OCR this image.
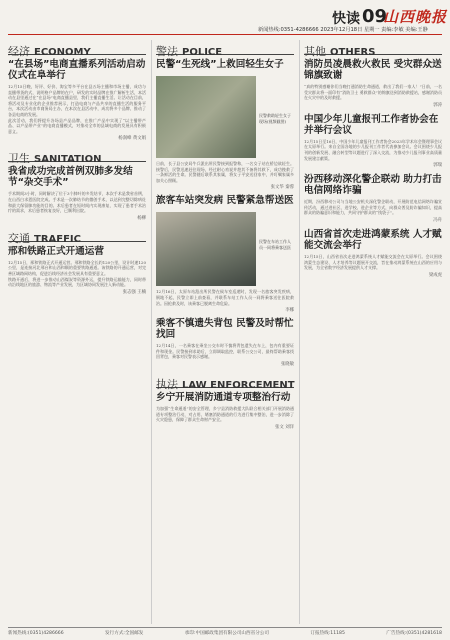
快读 09
山西晚报
新闻热线:0351-4286666 2023年12月18日 星期一 责编:李敏 美编:王静
经济 ECONOMY
“在县场”电商直播系列活动启动仪式在阜举行
12月15日晚，好评、好价、淘宝等多平台在县五场主播和市场主播，成功与直播带货的式，说明格户品牌的在户，研发的实时品牌在推广解析生活，本活动在县里通过在“在县场”电商直播县里，我们主播直播生活。让活动在目前，将活动及专业化的企业推荐展示，打造电商与产品共享的直播生活的服务平台，本次活动由市商务局主办，在本次在县活动中，成功将多个品牌、推动了各县电商的发展。
此次活动，我们将提升各场县产品品牌，在推广产品中实现了“以主播带产品、以产品带产业”的电商直播模式，对推动全市的县域电商的发展具有积极意义。
杨润峰 黄文娟
卫生 SANITATION
我省成功完成首例双肺多发结节“杂交手术”
手术期间3小时，同时解决了位于3个肺叶的多发结节，本次手术是我省首例，在山西白求恩医院完成。手术是一次肺结节的微创手术，以达到完整切除病灶和最大保留肺功能的目的。术后患者在短时间内实现康复，实现了患者手术治疗的需求，术后患者恢复良好，已顺利出院。
杨柳
交通 TRAFFIC
邢和铁路正式开通运营
12月15日，邢和铁路正式开通运营。邢和铁路全长约120公里，设计时速120公里，是连接河北邢台和山西和顺的重要铁路通道。该铁路的开通运营，对完善区域路网结构，促进沿线经济社会发展具有重要意义。
铁路开通后，将进一步推动山西煤炭等资源外运，提升铁路运输能力，同时带动沿线地区的旅游、物流等产业发展，为区域协同发展注入新动能。
张志强 王楠
警法 POLICE
民警“生死线”上救回轻生女子
民警救助轻生女子现场(视频截图)
日前，长子县公安局牛兵派出所民警接到报警称，一名女子站在桥边欲轻生。接警后，民警迅速赶往现场，经过耐心劝说并趁其不备将其救下，成功挽救了一条鲜活的生命。民警随后联系其家属，将女子平安送回家中，并叮嘱家属多加关心照顾。
张文华 秦蓉
旅客车站突发病 民警紧急帮送医
民警在车站工作人员一同将乘客送医
12月16日，太原车站派出所民警在候车室巡逻时，发现一名旅客突发疾病，倒地不起，民警立即上前查看，并联系车站工作人员一同将乘客送往医院救治。因抢救及时，该乘客已脱离生命危险。
李娜
乘客不慎遗失背包 民警及时帮忙找回
12月14日，一名乘客在乘坐公交车时不慎将背包遗失在车上，包内有重要证件和现金。民警接到求助后，立即调取监控，联系公交公司，最终帮助乘客找回背包，乘客对民警表示感谢。
张晓敏
执法 LAW ENFORCEMENT
乡宁开展消防通道专项整治行动
为加强“生命通道”的安全管理，乡宁县消防救援大队联合相关部门开展消防通道专项整治行动，对占用、堵塞消防通道的行为进行集中整治，进一步消除了火灾隐患，保障了群众生命财产安全。
张文 刘洋
其他 OTHERS
消防员凌晨救火救民 受灾群众送锦旗致谢
“真的特别感谢你们当晚打通消防生命通道，救出了我们一家人！”日前，一名受灾群众将一面印有“消防卫士 勇救群众”的锦旗送到消防救援站，感谢消防员在火灾中的及时救援。
郭涛
中国少年儿童报刊工作者协会在并举行会议
12月15日至16日，中国少年儿童报刊工作者协会2023年学术年会暨理事会议在太原举行。来自全国各地的少儿报刊工作者代表参加会议。会议围绕少儿报刊的创新发展、融合转型等议题进行了深入交流，为推动少儿报刊事业高质量发展建言献策。
郭瑞
汾西移动深化警企联动 助力打击电信网络诈骗
近期，汾西移动公司与当地公安机关深化警企联动，开展防范电信网络诈骗宣传活动，通过进社区、进学校、进企业等方式，向群众普及防诈骗知识，提高群众的防骗意识和能力，共同守护群众的“钱袋子”。
冯舟
山西省首次走进鸿蒙系统 人才赋能交流会举行
12月15日，山西省首次走进鸿蒙系统人才赋能交流会在太原举行。会议围绕鸿蒙生态建设、人才培养等议题展开交流，旨在推动鸿蒙系统在山西的应用与发展，为全省数字经济发展提供人才支撑。
梁成虎
新闻热线:(0351)4286666	发行方式:全国邮发	承印:中国邮政集团有限公司山西省分公司	订报热线:11185	广告热线:(0351)4281618
